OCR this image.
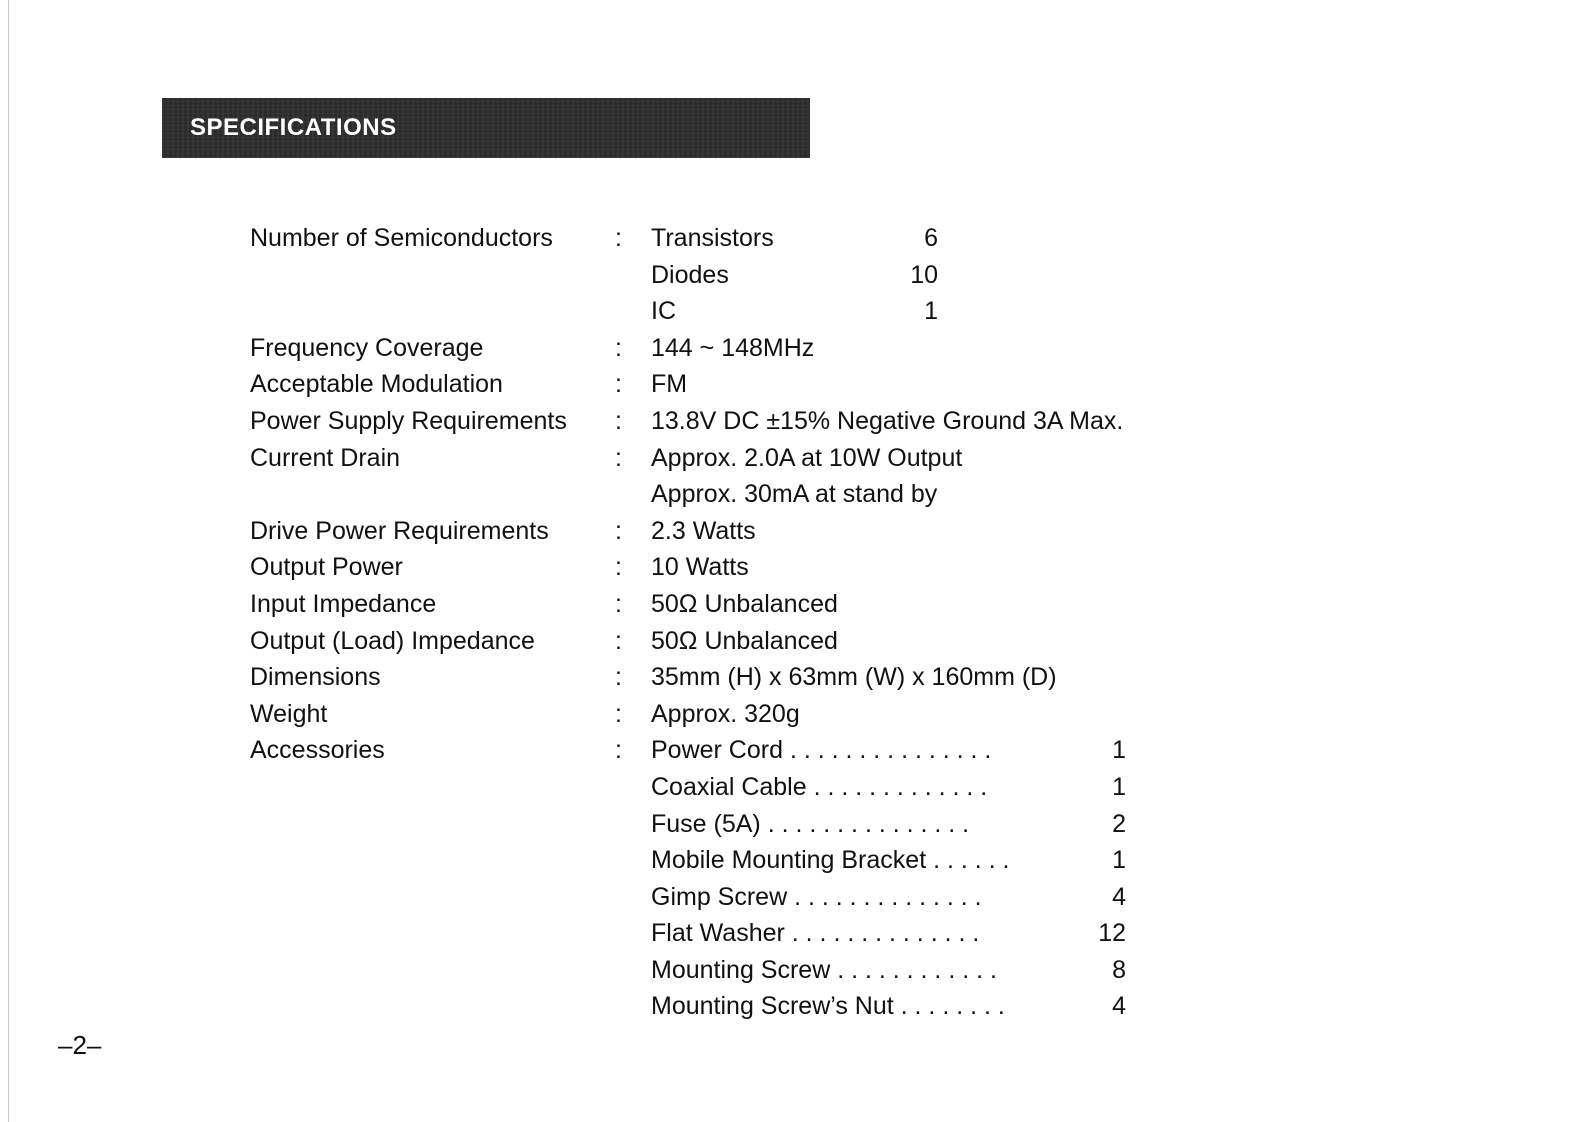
SPECIFICATIONS
Number of Semiconductors : Transistors	6
Diodes	10
IC	1
Frequency Coverage	: 144 ~ 148MHz
Acceptable Modulation	: FM
Power Supply Requirements : 13.8V DC ±15% Negative Ground 3A Max.
Current Drain	: Approx. 2.0A at 10W Output
Approx. 30mA at stand by
Drive Power Requirements	: 2.3 Watts
Output Power	: 10 Watts
Input Impedance	: 50Ω Unbalanced
Output (Load) Impedance	: 50Ω Unbalanced
Dimensions	: 35mm (H) x 63mm (W) x 160mm (D)
Weight	: Approx. 320g
Accessories	: Power Cord . . . . . . . . . . . . . . .	1
Coaxial Cable . . . . . . . . . . . . .	1
Fuse (5A) . . . . . . . . . . . . . . .	2
Mobile Mounting Bracket . . . . . .	1
Gimp Screw . . . . . . . . . . . . . .	4
Flat Washer . . . . . . . . . . . . . .	12
Mounting Screw . . . . . . . . . . . .	8
Mounting Screw’s Nut . . . . . . . .	4
–2–
